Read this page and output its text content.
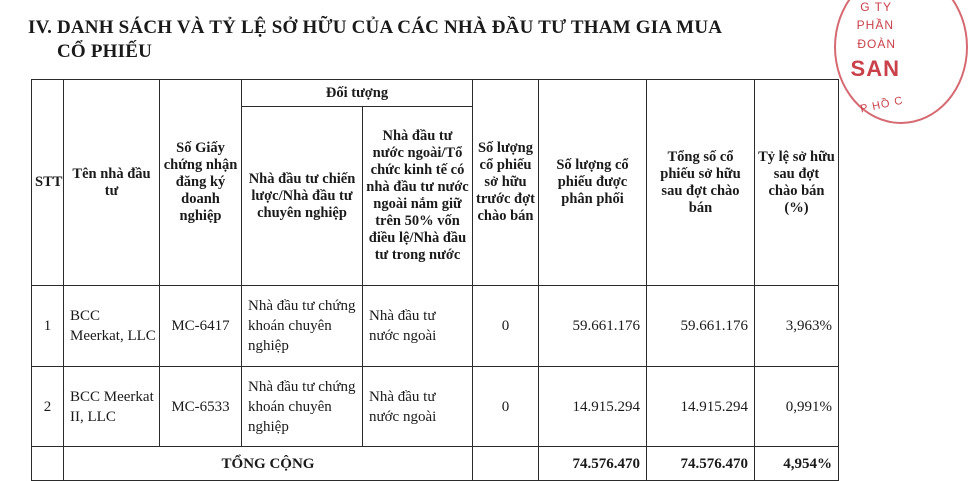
IV. DANH SÁCH VÀ TỶ LỆ SỞ HỮU CỦA CÁC NHÀ ĐẦU TƯ THAM GIA MUA
CỔ PHIẾU
G TY
PHẦN
ĐOÀN
SAN
P HỒ C
STT	Tên nhà đầu tư	Số Giấy chứng nhận đăng ký doanh nghiệp	Đối tượng		Số lượng cổ phiếu sở hữu trước đợt chào bán	Số lượng cổ phiếu được phân phối	Tổng số cổ phiếu sở hữu sau đợt chào bán	Tỷ lệ sở hữu sau đợt chào bán (%)
			Nhà đầu tư chiến lược/Nhà đầu tư chuyên nghiệp	Nhà đầu tư nước ngoài/Tổ chức kinh tế có nhà đầu tư nước ngoài nắm giữ trên 50% vốn điều lệ/Nhà đầu tư trong nước				
1	BCC Meerkat, LLC	MC-6417	Nhà đầu tư chứng khoán chuyên nghiệp	Nhà đầu tư nước ngoài	0	59.661.176	59.661.176	3,963%
2	BCC Meerkat II, LLC	MC-6533	Nhà đầu tư chứng khoán chuyên nghiệp	Nhà đầu tư nước ngoài	0	14.915.294	14.915.294	0,991%
	TỔNG CỘNG					74.576.470	74.576.470	4,954%
